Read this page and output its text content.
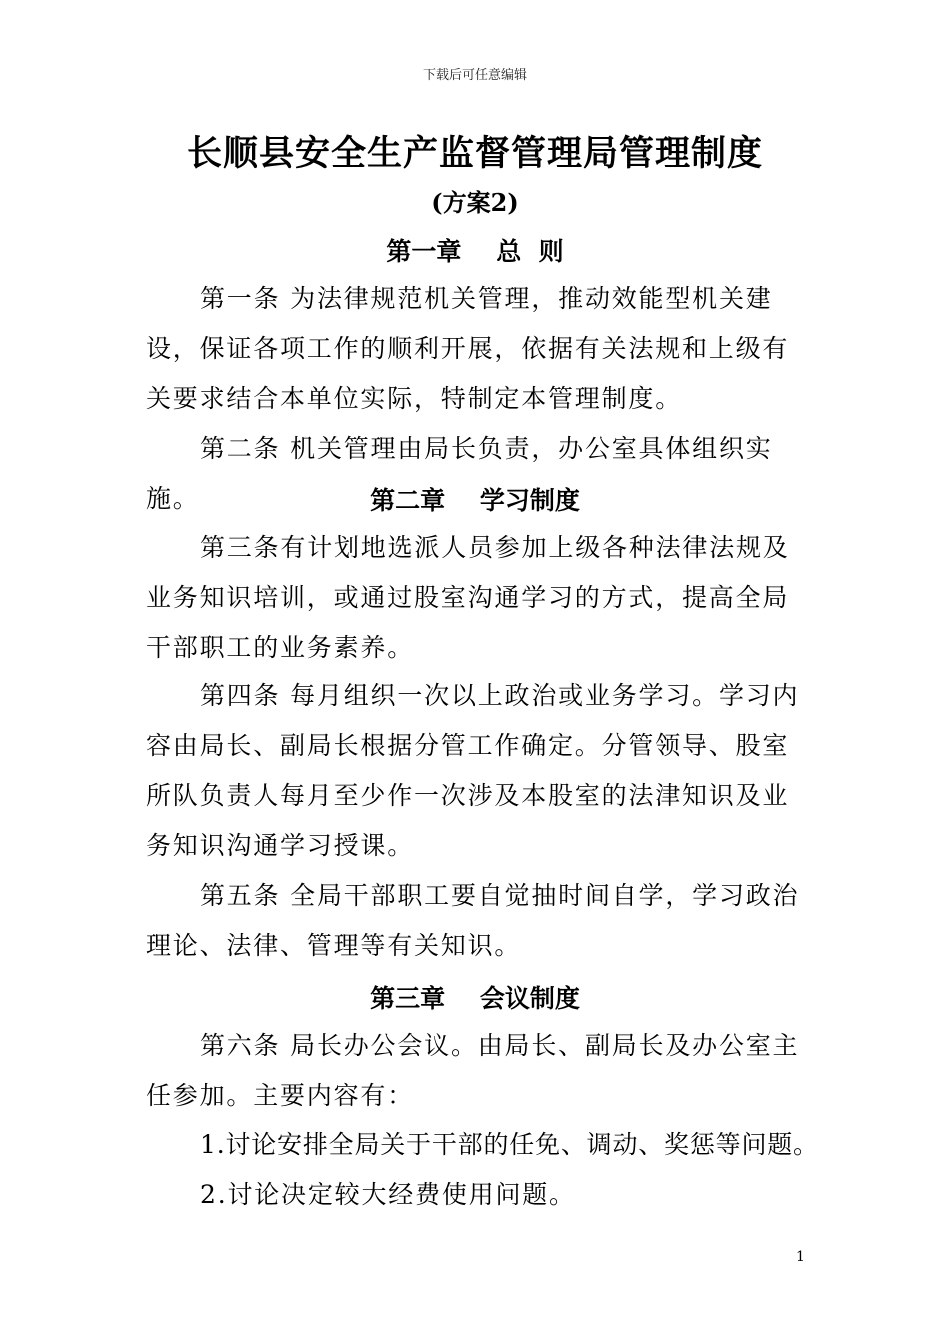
下载后可任意编辑
长顺县安全生产监督管理局管理制度
(方案2)
第一章    总  则

第一条 为法律规范机关管理，推动效能型机关建设，保证各项工作的顺利开展，依据有关法规和上级有关要求结合本单位实际，特制定本管理制度。

第二条 机关管理由局长负责，办公室具体组织实施。	第二章    学习制度

第三条有计划地选派人员参加上级各种法律法规及业务知识培训，或通过股室沟通学习的方式，提高全局干部职工的业务素养。

第四条 每月组织一次以上政治或业务学习。学习内容由局长、副局长根据分管工作确定。分管领导、股室所队负责人每月至少作一次涉及本股室的法津知识及业务知识沟通学习授课。

第五条 全局干部职工要自觉抽时间自学，学习政治理论、法律、管理等有关知识。

第三章    会议制度

第六条 局长办公会议。由局长、副局长及办公室主任参加。主要内容有：

1.讨论安排全局关于干部的任免、调动、奖惩等问题。

2.讨论决定较大经费使用问题。

1
